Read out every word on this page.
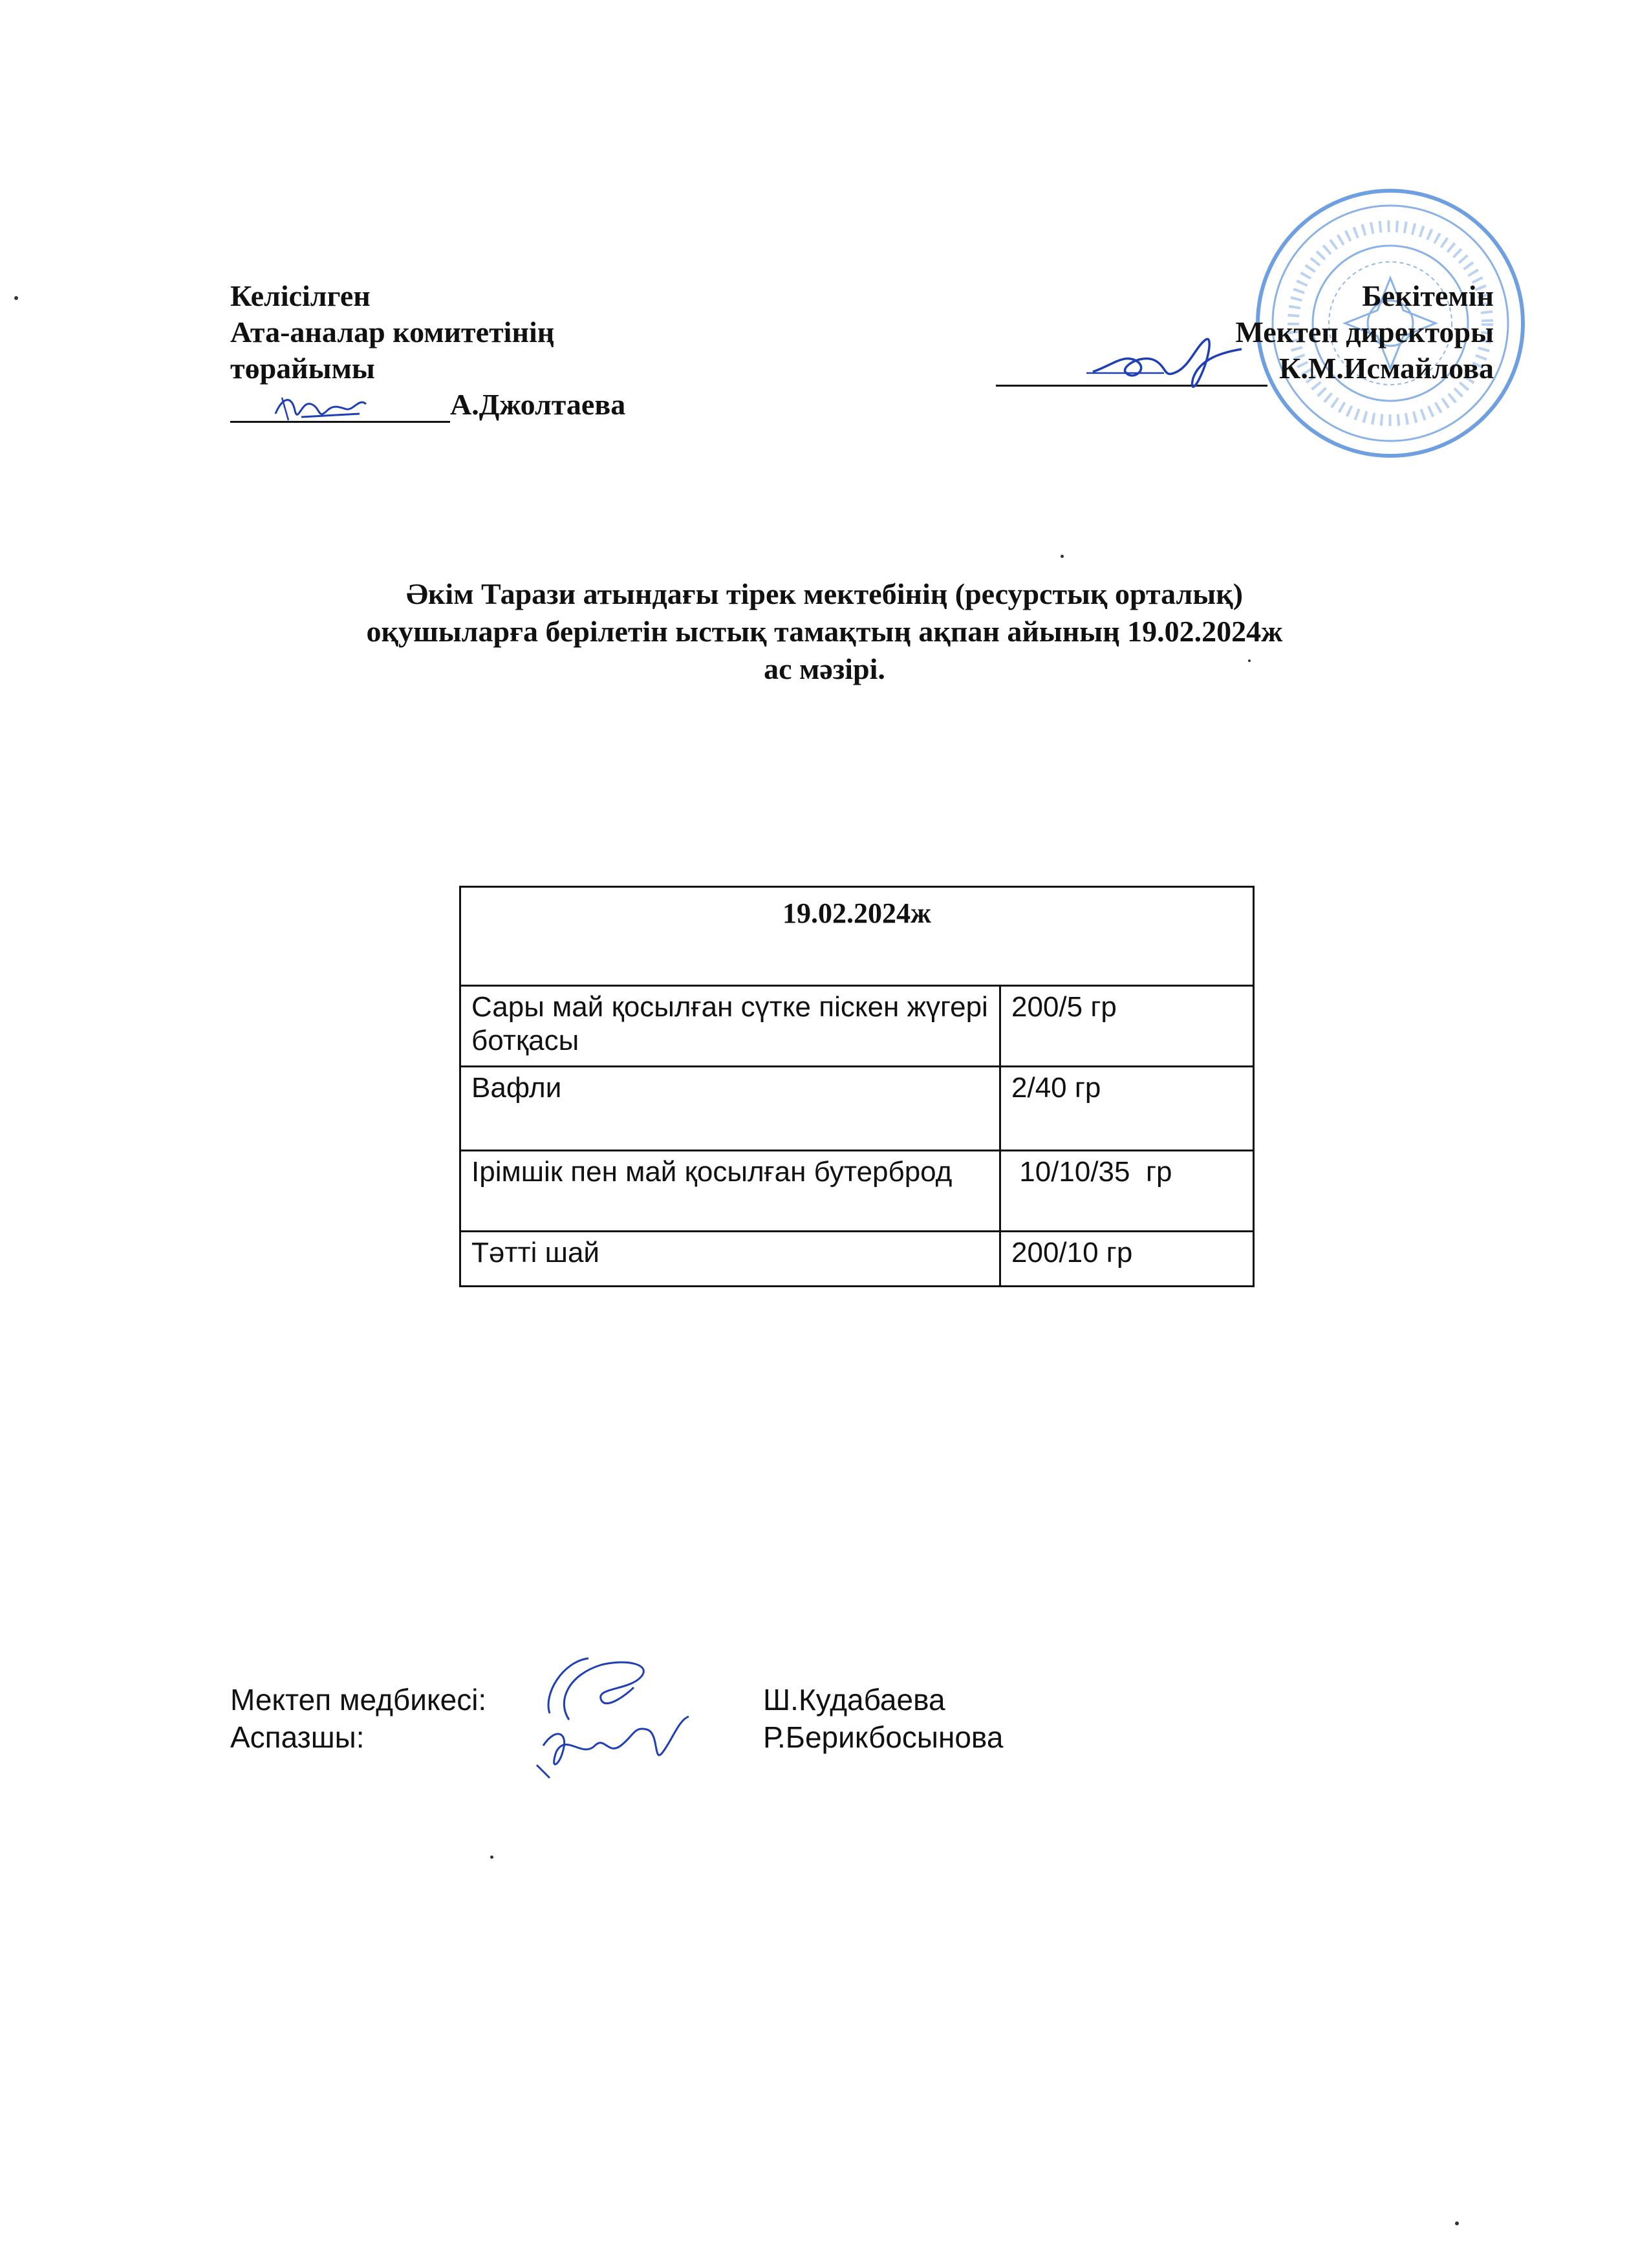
Келісілген
Ата-аналар комитетінің
төрайымы
А.Джолтаева
Бекітемін
Мектеп директоры
К.М.Исмайлова
Әкім Тарази атындағы тірек мектебінің (ресурстық орталық)
оқушыларға берілетін ыстық тамақтың ақпан айының 19.02.2024ж
ас мәзірі.
19.02.2024ж	
Сары май қосылған сүтке піскен жүгері ботқасы	200/5 гр
Вафли	2/40 гр
Ірімшік пен май қосылған бутерброд	10/10/35  гр
Тәтті шай	200/10 гр
Мектеп медбикесі:	Ш.Кудабаева
Аспазшы:	Р.Берикбосынова
